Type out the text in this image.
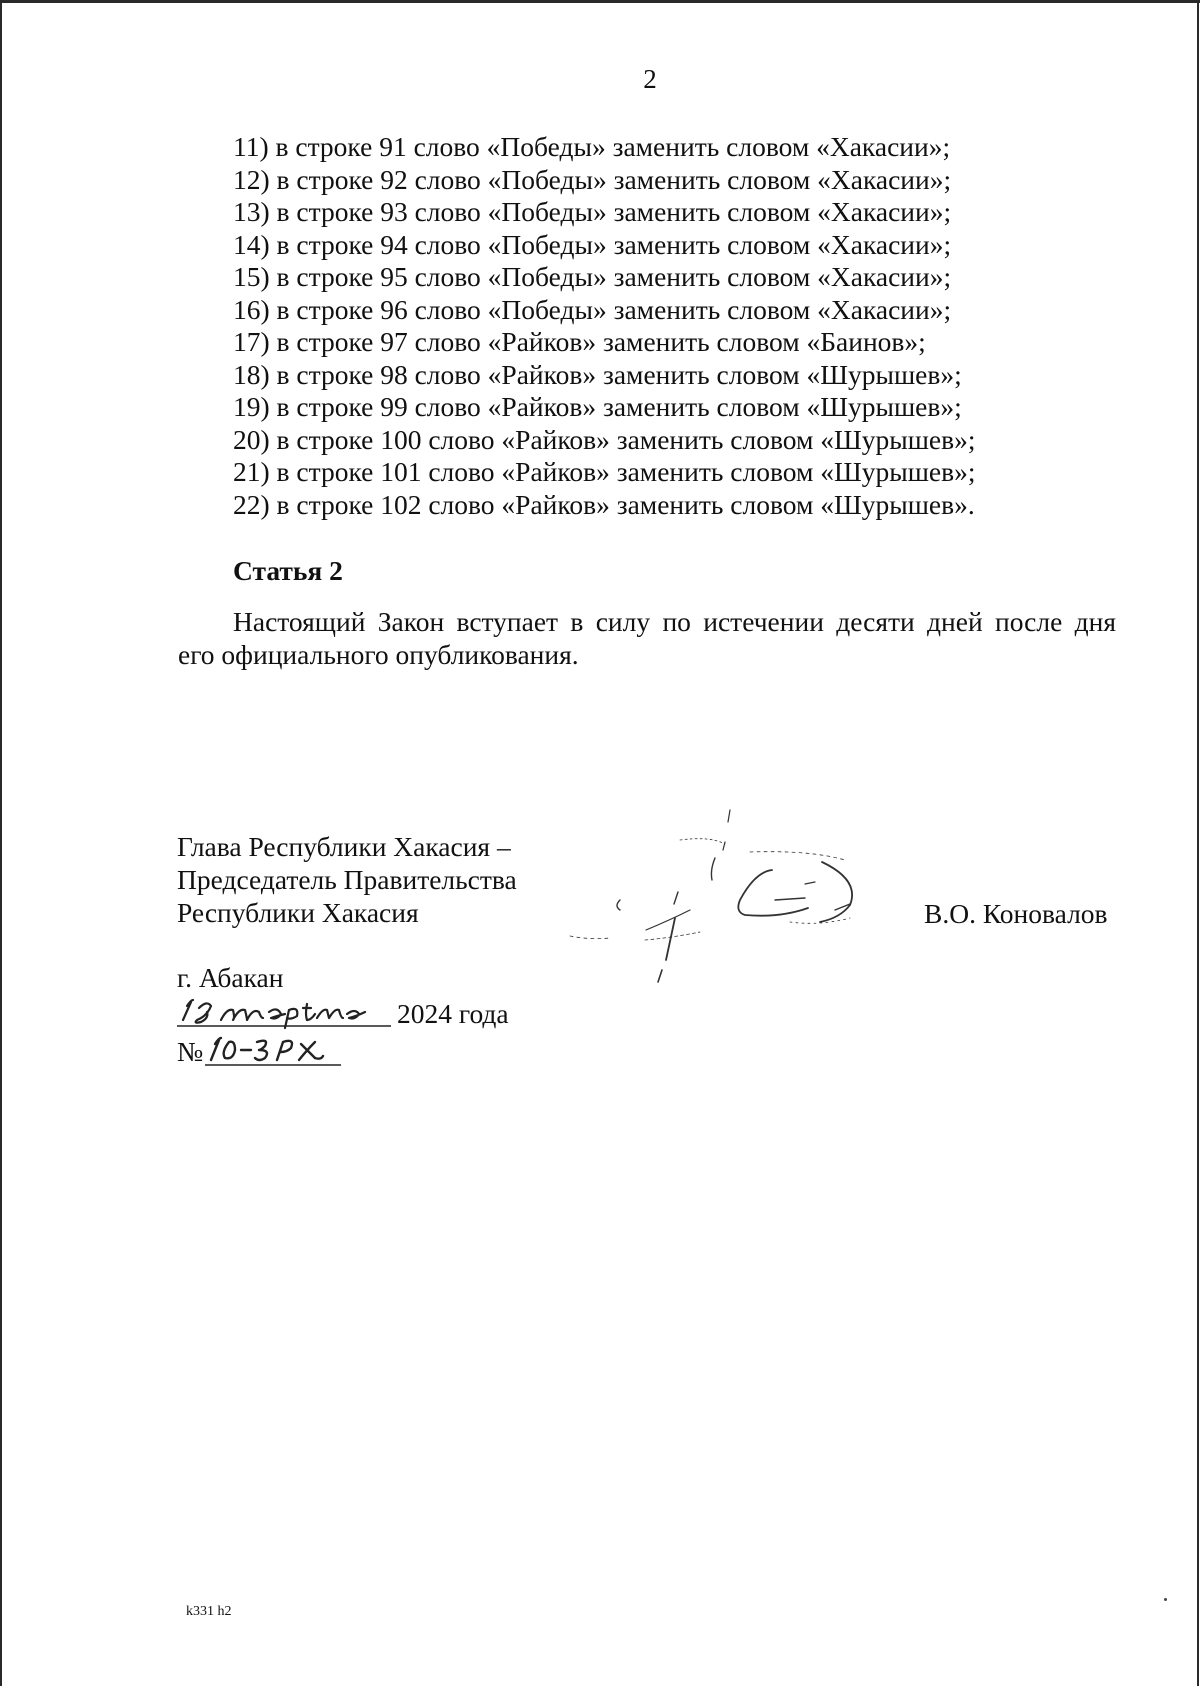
2
11) в строке 91 слово «Победы» заменить словом «Хакасии»;
12) в строке 92 слово «Победы» заменить словом «Хакасии»;
13) в строке 93 слово «Победы» заменить словом «Хакасии»;
14) в строке 94 слово «Победы» заменить словом «Хакасии»;
15) в строке 95 слово «Победы» заменить словом «Хакасии»;
16) в строке 96 слово «Победы» заменить словом «Хакасии»;
17) в строке 97 слово «Райков» заменить словом «Баинов»;
18) в строке 98 слово «Райков» заменить словом «Шурышев»;
19) в строке 99 слово «Райков» заменить словом «Шурышев»;
20) в строке 100 слово «Райков» заменить словом «Шурышев»;
21) в строке 101 слово «Райков» заменить словом «Шурышев»;
22) в строке 102 слово «Райков» заменить словом «Шурышев».
Статья 2
Настоящий Закон вступает в силу по истечении десяти дней после дня
его официального опубликования.
Глава Республики Хакасия –
Председатель Правительства
Республики Хакасия	В.О. Коновалов
г. Абакан
2024 года
№
k331 h2
